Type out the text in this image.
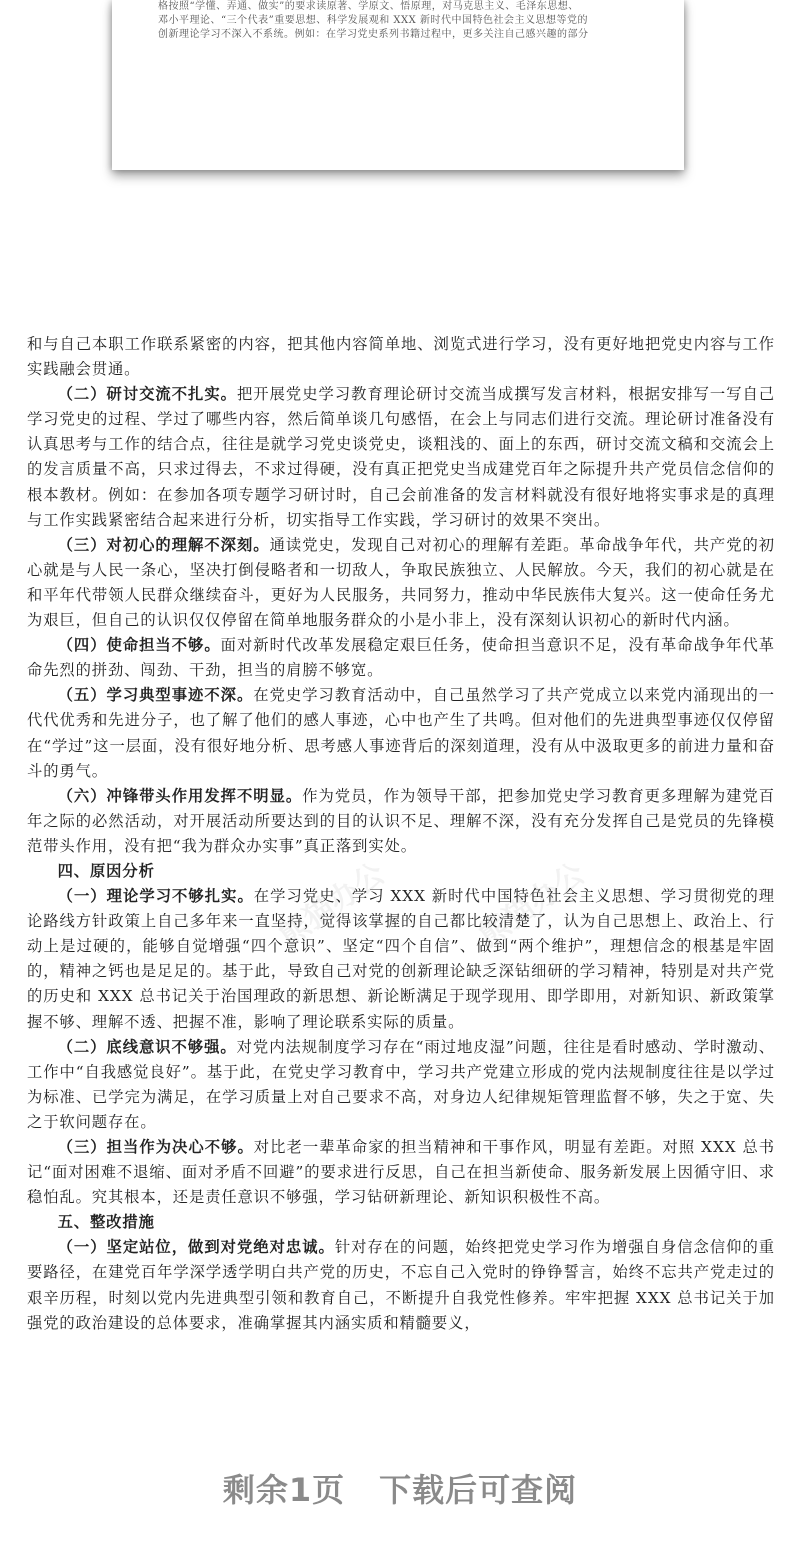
格按照“学懂、弄通、做实”的要求读原著、学原文、悟原理，对马克思主义、毛泽东思想、

邓小平理论、“三个代表”重要思想、科学发展观和 XXX 新时代中国特色社会主义思想等党的

创新理论学习不深入不系统。例如：在学习党史系列书籍过程中，更多关注自己感兴趣的部分

熊猫办公	熊猫办公

和与自己本职工作联系紧密的内容，把其他内容简单地、浏览式进行学习，没有更好地把党史内容与工作实践融会贯通。

（二）研讨交流不扎实。把开展党史学习教育理论研讨交流当成撰写发言材料，根据安排写一写自己学习党史的过程、学过了哪些内容，然后简单谈几句感悟，在会上与同志们进行交流。理论研讨准备没有认真思考与工作的结合点，往往是就学习党史谈党史，谈粗浅的、面上的东西，研讨交流文稿和交流会上的发言质量不高，只求过得去，不求过得硬，没有真正把党史当成建党百年之际提升共产党员信念信仰的根本教材。例如：在参加各项专题学习研讨时，自己会前准备的发言材料就没有很好地将实事求是的真理与工作实践紧密结合起来进行分析，切实指导工作实践，学习研讨的效果不突出。

（三）对初心的理解不深刻。通读党史，发现自己对初心的理解有差距。革命战争年代，共产党的初心就是与人民一条心，坚决打倒侵略者和一切敌人，争取民族独立、人民解放。今天，我们的初心就是在和平年代带领人民群众继续奋斗，更好为人民服务，共同努力，推动中华民族伟大复兴。这一使命任务尤为艰巨，但自己的认识仅仅停留在简单地服务群众的小是小非上，没有深刻认识初心的新时代内涵。

（四）使命担当不够。面对新时代改革发展稳定艰巨任务，使命担当意识不足，没有革命战争年代革命先烈的拼劲、闯劲、干劲，担当的肩膀不够宽。

（五）学习典型事迹不深。在党史学习教育活动中，自己虽然学习了共产党成立以来党内涌现出的一代代优秀和先进分子，也了解了他们的感人事迹，心中也产生了共鸣。但对他们的先进典型事迹仅仅停留在“学过”这一层面，没有很好地分析、思考感人事迹背后的深刻道理，没有从中汲取更多的前进力量和奋斗的勇气。

（六）冲锋带头作用发挥不明显。作为党员，作为领导干部，把参加党史学习教育更多理解为建党百年之际的必然活动，对开展活动所要达到的目的认识不足、理解不深，没有充分发挥自己是党员的先锋模范带头作用，没有把“我为群众办实事”真正落到实处。

四、原因分析

（一）理论学习不够扎实。在学习党史、学习 XXX 新时代中国特色社会主义思想、学习贯彻党的理论路线方针政策上自己多年来一直坚持，觉得该掌握的自己都比较清楚了，认为自己思想上、政治上、行动上是过硬的，能够自觉增强“四个意识”、坚定“四个自信”、做到“两个维护”，理想信念的根基是牢固的，精神之钙也是足足的。基于此，导致自己对党的创新理论缺乏深钻细研的学习精神，特别是对共产党的历史和 XXX 总书记关于治国理政的新思想、新论断满足于现学现用、即学即用，对新知识、新政策掌握不够、理解不透、把握不准，影响了理论联系实际的质量。

（二）底线意识不够强。对党内法规制度学习存在“雨过地皮湿”问题，往往是看时感动、学时激动、工作中“自我感觉良好”。基于此，在党史学习教育中，学习共产党建立形成的党内法规制度往往是以学过为标准、已学完为满足，在学习质量上对自己要求不高，对身边人纪律规矩管理监督不够，失之于宽、失之于软问题存在。

（三）担当作为决心不够。对比老一辈革命家的担当精神和干事作风，明显有差距。对照 XXX 总书记“面对困难不退缩、面对矛盾不回避”的要求进行反思，自己在担当新使命、服务新发展上因循守旧、求稳怕乱。究其根本，还是责任意识不够强，学习钻研新理论、新知识积极性不高。

五、整改措施

（一）坚定站位，做到对党绝对忠诚。针对存在的问题，始终把党史学习作为增强自身信念信仰的重要路径，在建党百年学深学透学明白共产党的历史，不忘自己入党时的铮铮誓言，始终不忘共产党走过的艰辛历程，时刻以党内先进典型引领和教育自己，不断提升自我党性修养。牢牢把握 XXX 总书记关于加强党的政治建设的总体要求，准确掌握其内涵实质和精髓要义，

剩余1页 下载后可查阅
